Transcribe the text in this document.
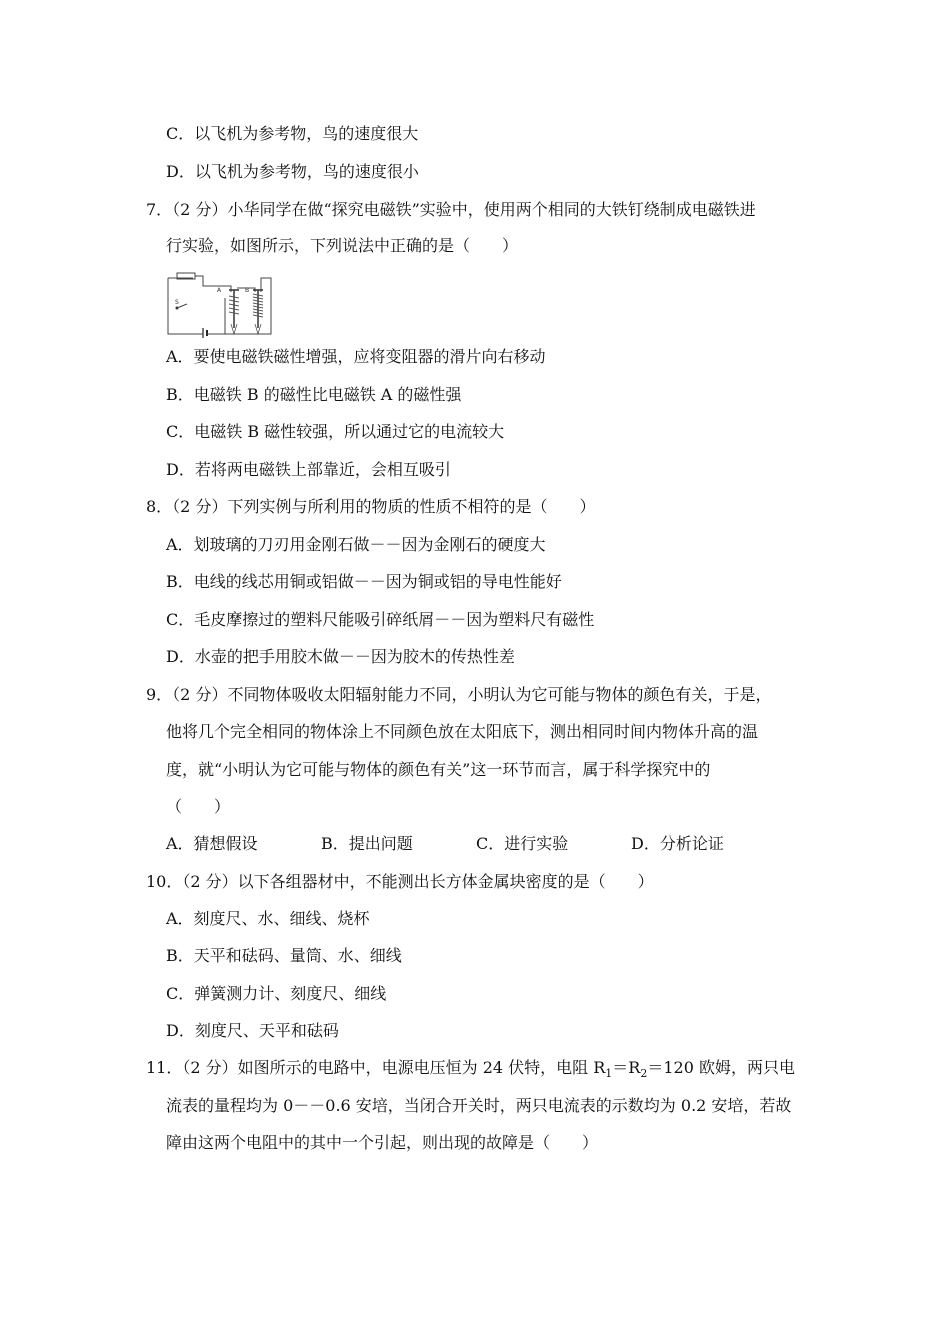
C．以飞机为参考物，鸟的速度很大
D．以飞机为参考物，鸟的速度很小
7．（2 分）小华同学在做“探究电磁铁”实验中，使用两个相同的大铁钉绕制成电磁铁进
行实验，如图所示，下列说法中正确的是（　　）
S
A	B
A．要使电磁铁磁性增强，应将变阻器的滑片向右移动
B．电磁铁 B 的磁性比电磁铁 A 的磁性强
C．电磁铁 B 磁性较强，所以通过它的电流较大
D．若将两电磁铁上部靠近，会相互吸引
8．（2 分）下列实例与所利用的物质的性质不相符的是（　　）
A．划玻璃的刀刃用金刚石做－－因为金刚石的硬度大
B．电线的线芯用铜或铝做－－因为铜或铝的导电性能好
C．毛皮摩擦过的塑料尺能吸引碎纸屑－－因为塑料尺有磁性
D．水壶的把手用胶木做－－因为胶木的传热性差
9．（2 分）不同物体吸收太阳辐射能力不同，小明认为它可能与物体的颜色有关，于是，
他将几个完全相同的物体涂上不同颜色放在太阳底下，测出相同时间内物体升高的温
度，就“小明认为它可能与物体的颜色有关”这一环节而言，属于科学探究中的
（　　）
A．猜想假设	B．提出问题	C．进行实验	D．分析论证
10．（2 分）以下各组器材中，不能测出长方体金属块密度的是（　　）
A．刻度尺、水、细线、烧杯
B．天平和砝码、量筒、水、细线
C．弹簧测力计、刻度尺、细线
D．刻度尺、天平和砝码
11．（2 分）如图所示的电路中，电源电压恒为 24 伏特，电阻 $R_1=R_2=120$ 欧姆，两只电
流表的量程均为 0－－0.6 安培，当闭合开关时，两只电流表的示数均为 0.2 安培，若故
障由这两个电阻中的其中一个引起，则出现的故障是（　　）
